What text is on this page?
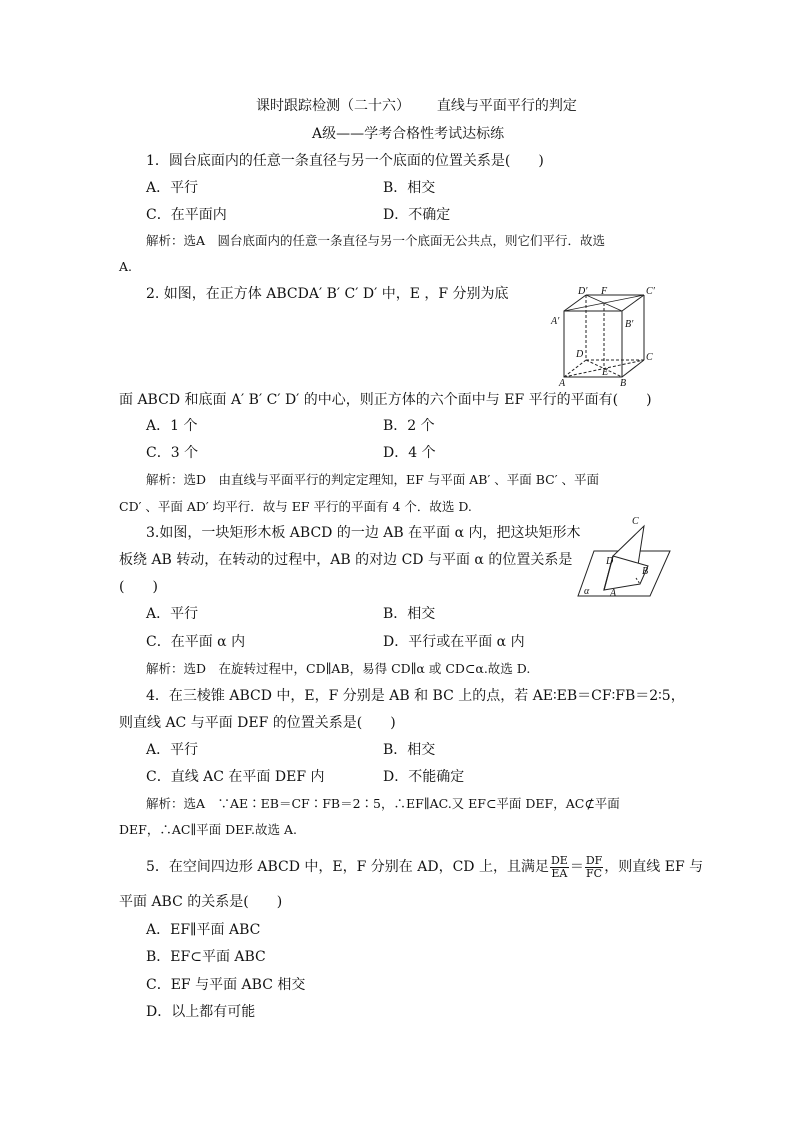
课时跟踪检测（二十六） 直线与平面平行的判定
A级——学考合格性考试达标练
1．圆台底面内的任意一条直径与另一个底面的位置关系是(　　)
A．平行	B．相交
C．在平面内	D．不确定
解析：选A　圆台底面内的任意一条直径与另一个底面无公共点，则它们平行．故选
A.
2. 如图，在正方体 ABCDA′ B′ C′ D′ 中，E ，F 分别为底	D′ F	C′
A′	B′
D	C
E
A	B
面 ABCD 和底面 A′ B′ C′ D′ 的中心，则正方体的六个面中与 EF 平行的平面有(　　)
A．1 个	B．2 个
C．3 个	D．4 个
解析：选D　由直线与平面平行的判定定理知，EF 与平面 AB′ 、平面 BC′ 、平面
CD′ 、平面 AD′ 均平行．故与 EF 平行的平面有 4 个．故选 D.
3.如图，一块矩形木板 ABCD 的一边 AB 在平面 α 内，把这块矩形木
板绕 AB 转动，在转动的过程中，AB 的对边 CD 与平面 α 的位置关系是
(　　)
C
D
B
α A
A．平行	B．相交
C．在平面 α 内	D．平行或在平面 α 内
解析：选D　在旋转过程中，CD∥AB，易得 CD∥α 或 CD⊂α.故选 D.
4．在三棱锥 ABCD 中，E，F 分别是 AB 和 BC 上的点，若 AE∶EB＝CF∶FB＝2∶5，
则直线 AC 与平面 DEF 的位置关系是(　　)
A．平行	B．相交
C．直线 AC 在平面 DEF 内	D．不能确定
解析：选A　∵AE∶EB＝CF∶FB＝2∶5，∴EF∥AC.又 EF⊂平面 DEF，AC⊄平面
DEF，∴AC∥平面 DEF.故选 A.
5．在空间四边形 ABCD 中，E，F 分别在 AD，CD 上，且满足 $\frac{DE}{EA} = \frac{DF}{FC}$ ，则直线 EF 与
平面 ABC 的关系是(　　)
A．EF∥平面 ABC
B．EF⊂平面 ABC
C．EF 与平面 ABC 相交
D．以上都有可能
